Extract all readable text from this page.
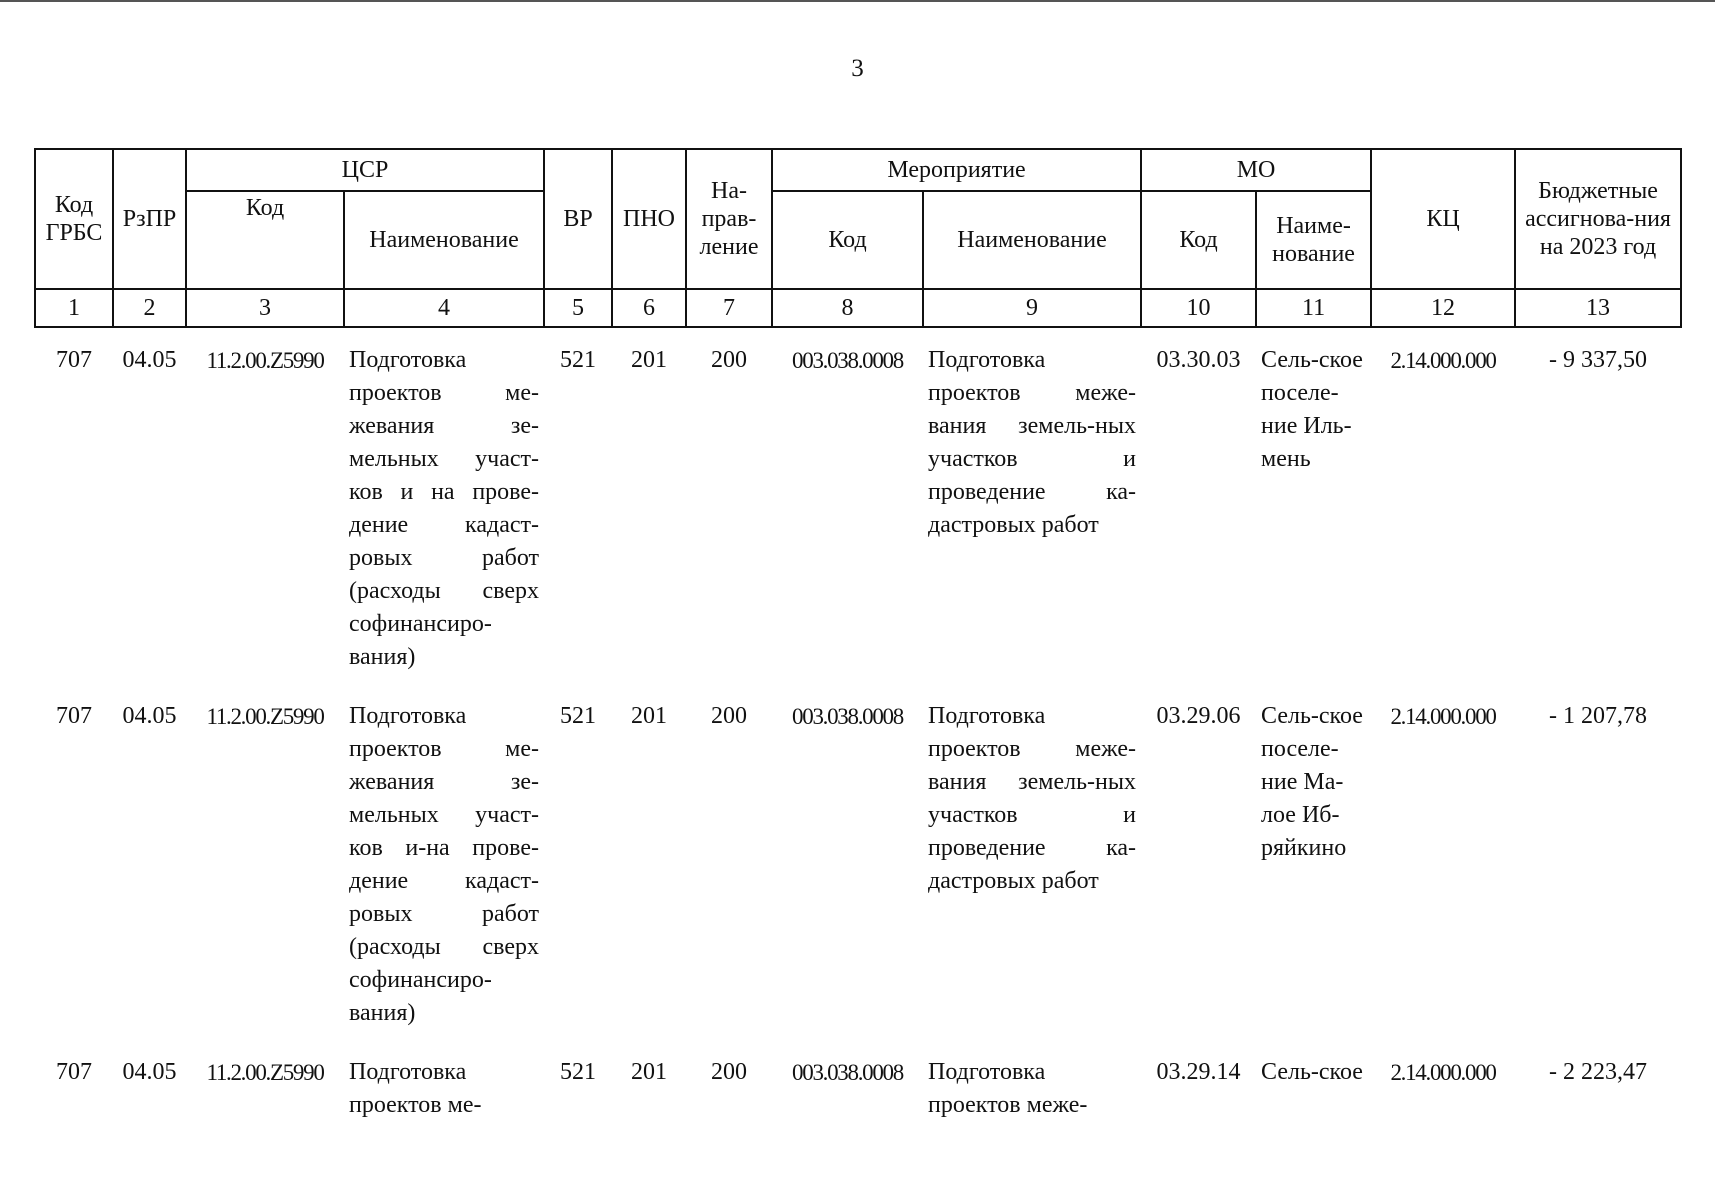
3
Код ГРБС	РзПР	ЦСР		ВР	ПНО	На-
прав-
ление	Мероприятие		МО		КЦ	Бюджетные ассигнова-ния на 2023 год
		Код	Наименование				Код	Наименование	Код	Наиме-
нование		
1	2	3	4	5	6	7	8	9	10	11	12	13
707	04.05	11.2.00.Z5990	Подготовка проектов ме-жевания зе-мельных участ-ков и на прове-дение кадаст-ровых работ (расходы сверх софинансиро-вания)	521	201	200	003.038.0008	Подготовка проектов меже-вания земель-ных участков и проведение ка-дастровых работ	03.30.03	Сель-ское поселе-ние Иль-мень	2.14.000.000	- 9 337,50
707	04.05	11.2.00.Z5990	Подготовка проектов ме-жевания зе-мельных участ-ков и-на прове-дение кадаст-ровых работ (расходы сверх софинансиро-вания)	521	201	200	003.038.0008	Подготовка проектов меже-вания земель-ных участков и проведение ка-дастровых работ	03.29.06	Сель-ское поселе-ние Ма-лое Иб-ряйкино	2.14.000.000	- 1 207,78
707	04.05	11.2.00.Z5990	Подготовка проектов ме-	521	201	200	003.038.0008	Подготовка проектов меже-	03.29.14	Сель-ское	2.14.000.000	- 2 223,47
